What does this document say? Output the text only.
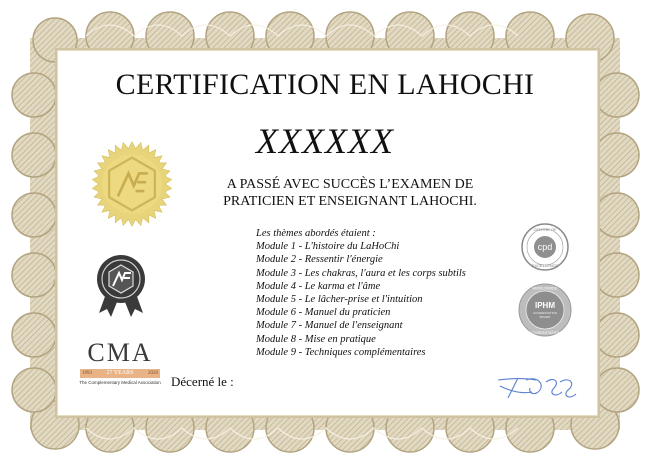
CERTIFICATION EN LAHOCHI
XXXXXX
A PASSÉ AVEC SUCCÈS L’EXAMEN DE
PRATICIEN ET ENSEIGNANT LAHOCHI.
Les thèmes abordés étaient :
Module 1 - L'histoire du LaHoChi
Module 2 - Ressentir l'énergie
Module 3 - Les chakras, l'aura et les corps subtils
Module 4 - Le karma et l'âme
Module 5 - Le lâcher-prise et l'intuition
Module 6 - Manuel du praticien
Module 7 - Manuel de l'enseignant
Module 8 - Mise en pratique
Module 9 - Techniques complémentaires
Décerné le :
CMA
1993 27 YEARS	2020
The Complementary Medical Association
cpd
CENTRE OF
EXCELLENCE
IPHM
ACCREDITATION
BOARD
WORLDWIDE
ACCREDITATION
